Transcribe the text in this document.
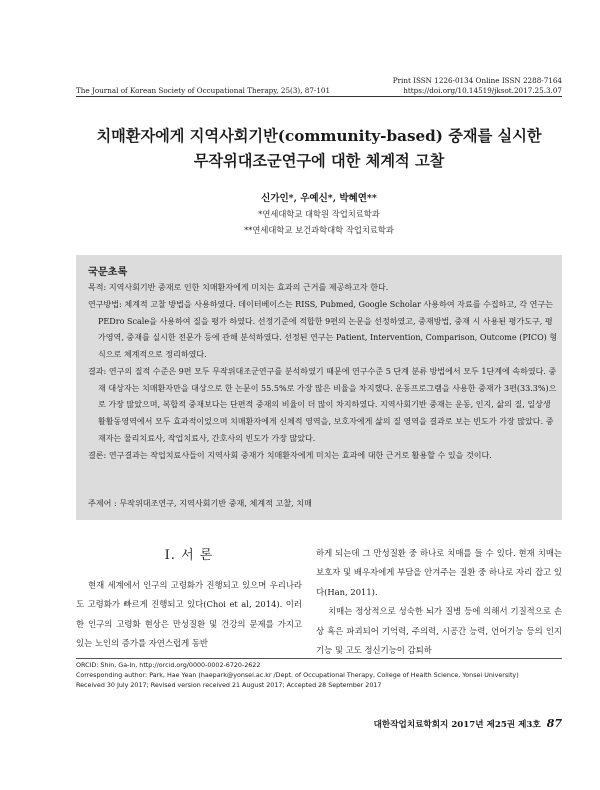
The Journal of Korean Society of Occupational Therapy, 25(3), 87-101
Print ISSN 1226-0134 Online ISSN 2288-7164
https://doi.org/10.14519/jksot.2017.25.3.07
치매환자에게 지역사회기반(community-based) 중재를 실시한
무작위대조군연구에 대한 체계적 고찰
신가인*, 우예신*, 박혜연**
*연세대학교 대학원 작업치료학과
**연세대학교 보건과학대학 작업치료학과
국문초록

목적: 지역사회기반 중재로 인한 치매환자에게 미치는 효과의 근거를 제공하고자 한다.

연구방법: 체계적 고찰 방법을 사용하였다. 데이터베이스는 RISS, Pubmed, Google Scholar 사용하여 자료를 수집하고, 각 연구는 PEDro Scale을 사용하여 질을 평가 하였다. 선정기준에 적합한 9편의 논문을 선정하였고, 중재방법, 중재 시 사용된 평가도구, 평가영역, 중재를 실시한 전문가 등에 관해 분석하였다. 선정된 연구는 Patient, Intervention, Comparison, Outcome (PICO) 형식으로 체계적으로 정리하였다.

결과: 연구의 질적 수준은 9편 모두 무작위대조군연구를 분석하였기 때문에 연구수준 5 단계 분류 방법에서 모두 1단계에 속하였다. 중재 대상자는 치매환자만을 대상으로 한 논문이 55.5%로 가장 많은 비율을 차지했다. 운동프로그램을 사용한 중재가 3편(33.3%)으로 가장 많았으며, 복합적 중재보다는 단편적 중재의 비율이 더 많이 차지하였다. 지역사회기반 중재는 운동, 인지, 삶의 질, 일상생활활동영역에서 모두 효과적이었으며 치매환자에게 신체적 영역을, 보호자에게 삶의 질 영역을 결과로 보는 빈도가 가장 많았다. 중재자는 물리치료사, 작업치료사, 간호사의 빈도가 가장 많았다.

결론: 연구결과는 작업치료사들이 지역사회 중재가 치매환자에게 미치는 효과에 대한 근거로 활용할 수 있을 것이다.

주제어 : 무작위대조연구, 지역사회기반 중재, 체계적 고찰, 치매
Ⅰ. 서 론

현재 세계에서 인구의 고령화가 진행되고 있으며 우리나라도 고령화가 빠르게 진행되고 있다(Choi et al, 2014). 이러한 인구의 고령화 현상은 만성질환 및 건강의 문제를 가지고 있는 노인의 증가를 자연스럽게 동반

하게 되는데 그 만성질환 중 하나로 치매를 들 수 있다. 현재 치매는 보호자 및 배우자에게 부담을 안겨주는 질환 중 하나로 자리 잡고 있다(Han, 2011).

치매는 정상적으로 성숙한 뇌가 질병 등에 의해서 기질적으로 손상 혹은 파괴되어 기억력, 주의력, 시공간 능력, 언어기능 등의 인지기능 및 고도 정신기능이 감퇴하

ORCID: Shin, Ga-In, http://orcid.org/0000-0002-6720-2622

Corresponding author: Park, Hae Yean (haepark@yonsei.ac.kr /Dept. of Occupational Therapy, College of Health Science, Yonsei University)

Received 30 July 2017; Revised version received 21 August 2017; Accepted 28 September 2017

대한작업치료학회지 2017년 제25권 제3호 87
